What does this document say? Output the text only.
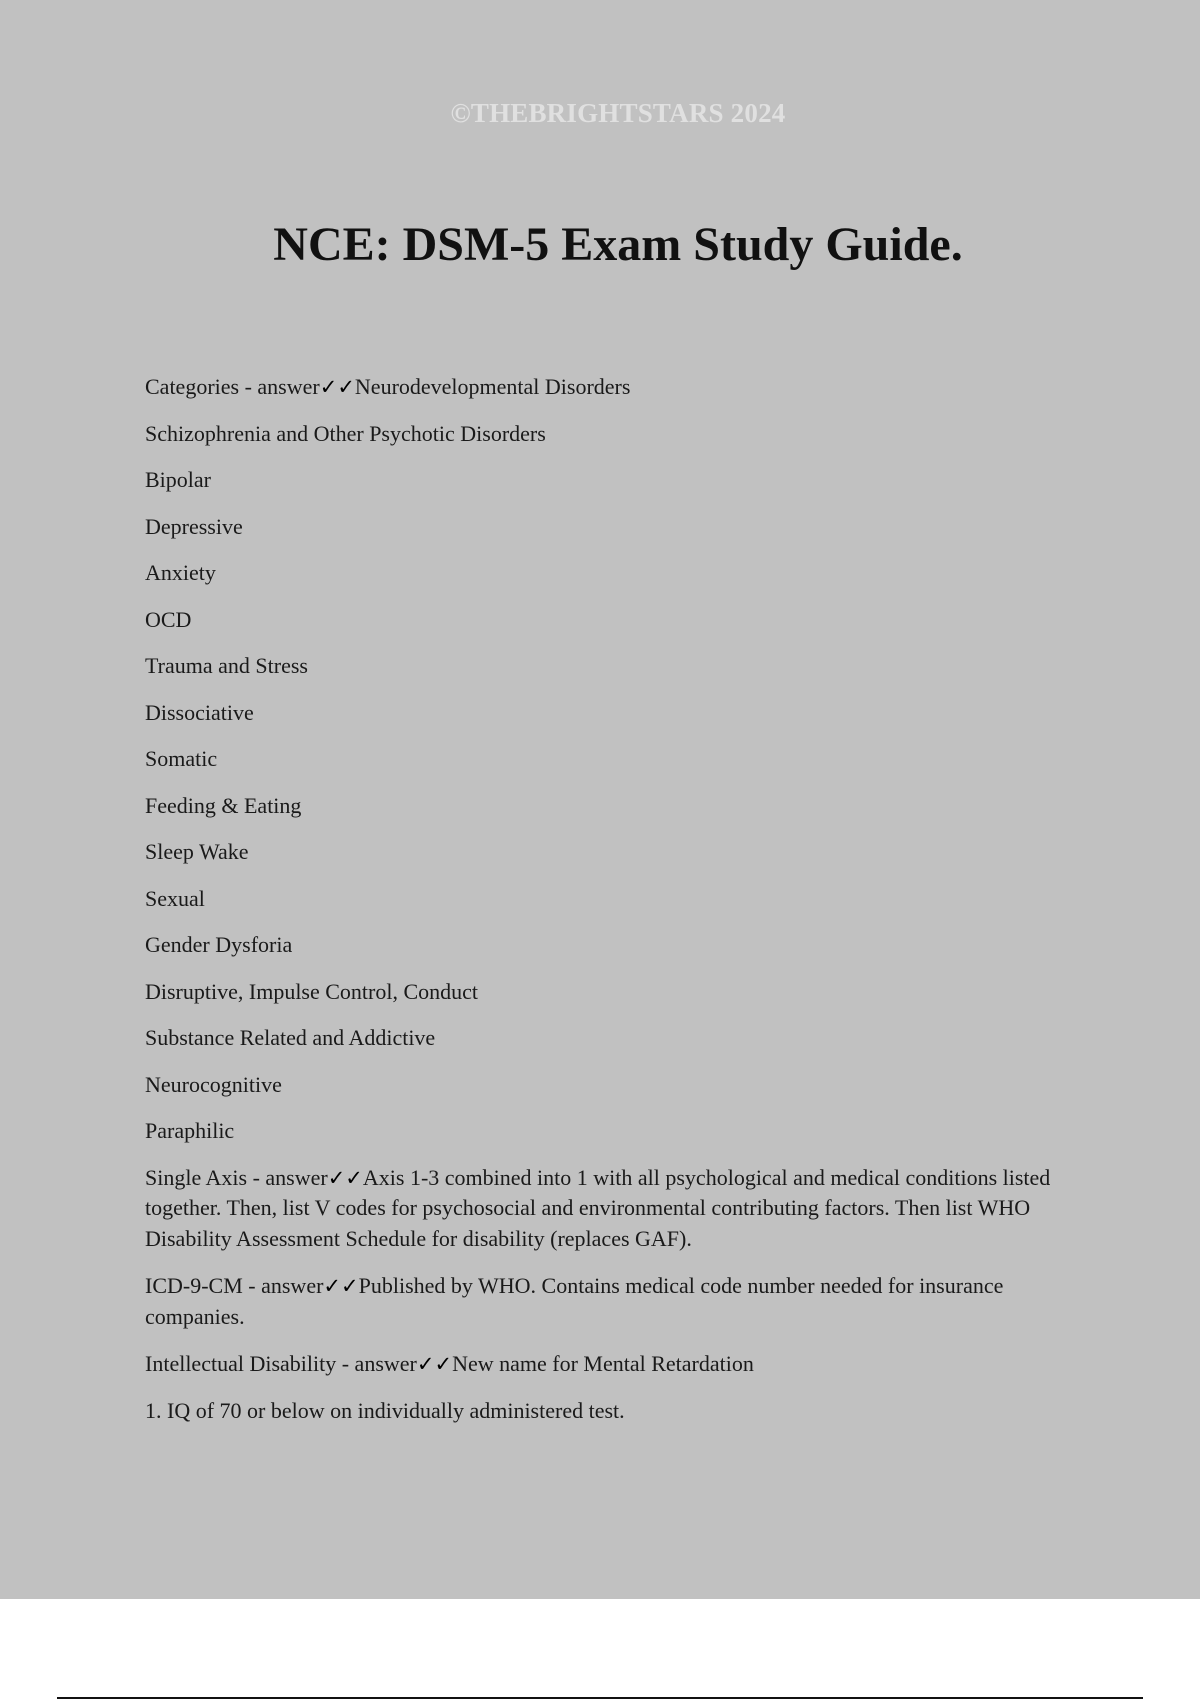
©THEBRIGHTSTARS 2024
NCE: DSM-5 Exam Study Guide.

Categories - answer✓✓Neurodevelopmental Disorders

Schizophrenia and Other Psychotic Disorders

Bipolar

Depressive

Anxiety

OCD

Trauma and Stress

Dissociative

Somatic

Feeding & Eating

Sleep Wake

Sexual

Gender Dysforia

Disruptive, Impulse Control, Conduct

Substance Related and Addictive

Neurocognitive

Paraphilic

Single Axis - answer✓✓Axis 1-3 combined into 1 with all psychological and medical conditions listed together. Then, list V codes for psychosocial and environmental contributing factors. Then list WHO Disability Assessment Schedule for disability (replaces GAF).

ICD-9-CM - answer✓✓Published by WHO. Contains medical code number needed for insurance companies.

Intellectual Disability - answer✓✓New name for Mental Retardation

1. IQ of 70 or below on individually administered test.
